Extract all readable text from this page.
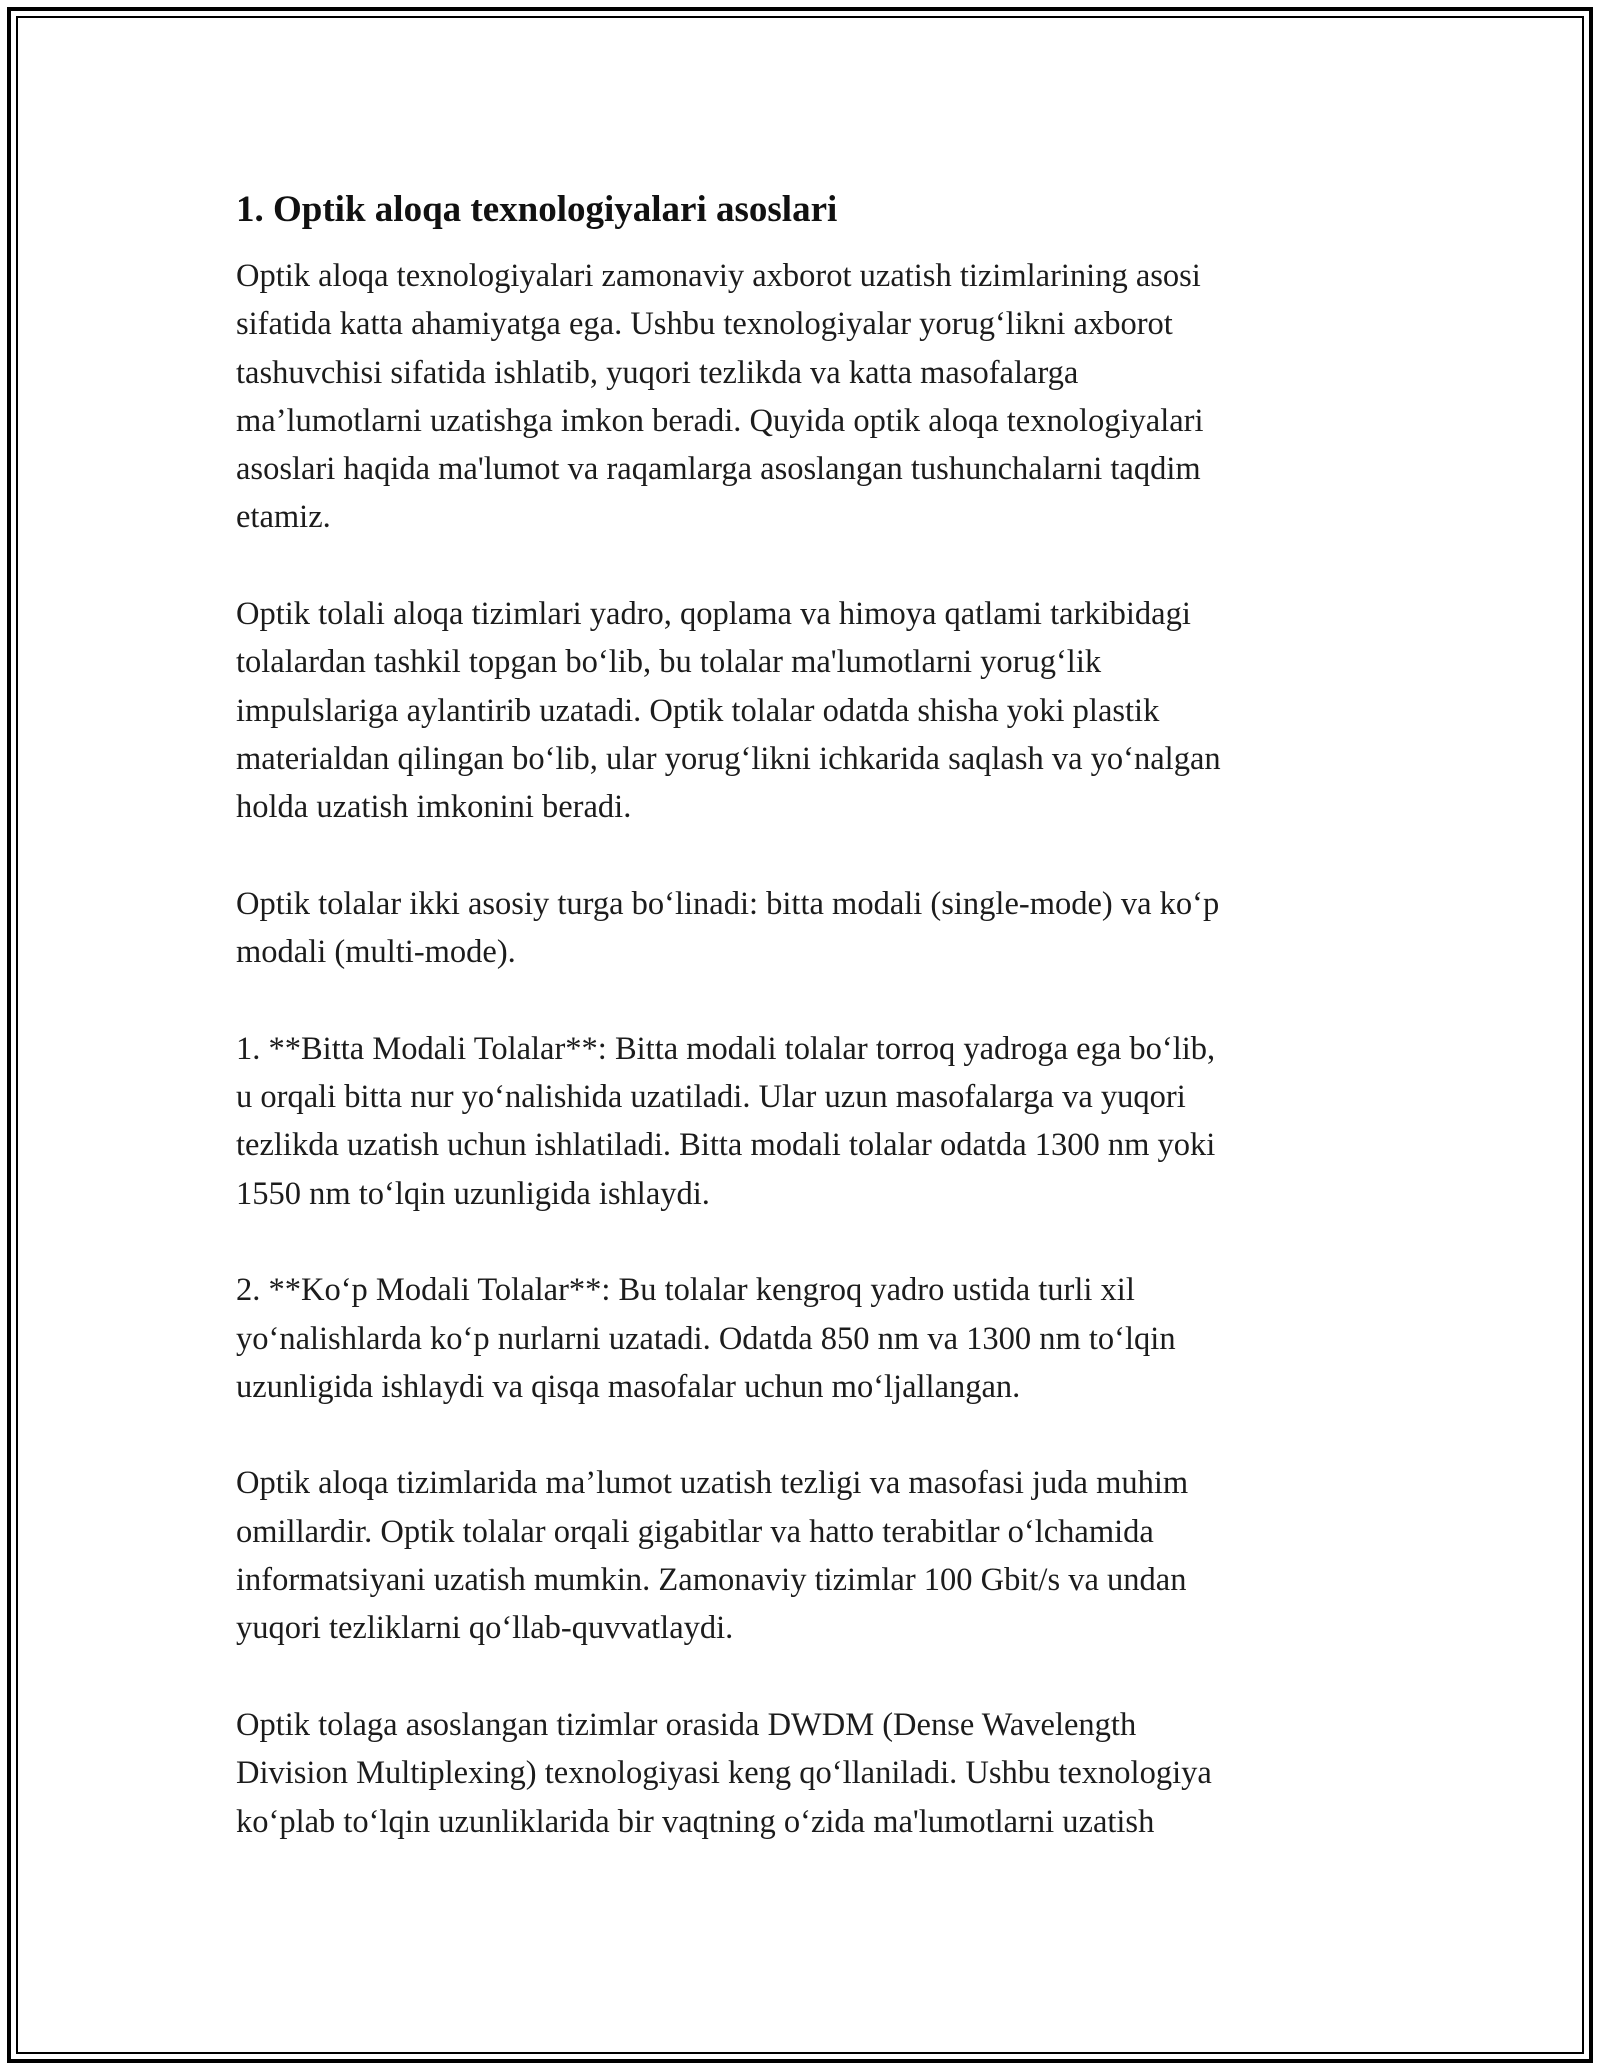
1. Optik aloqa texnologiyalari asoslari

Optik aloqa texnologiyalari zamonaviy axborot uzatish tizimlarining asosi
sifatida katta ahamiyatga ega. Ushbu texnologiyalar yorug‘likni axborot
tashuvchisi sifatida ishlatib, yuqori tezlikda va katta masofalarga
ma’lumotlarni uzatishga imkon beradi. Quyida optik aloqa texnologiyalari
asoslari haqida ma'lumot va raqamlarga asoslangan tushunchalarni taqdim
etamiz.

Optik tolali aloqa tizimlari yadro, qoplama va himoya qatlami tarkibidagi
tolalardan tashkil topgan bo‘lib, bu tolalar ma'lumotlarni yorug‘lik
impulslariga aylantirib uzatadi. Optik tolalar odatda shisha yoki plastik
materialdan qilingan bo‘lib, ular yorug‘likni ichkarida saqlash va yo‘nalgan
holda uzatish imkonini beradi.

Optik tolalar ikki asosiy turga bo‘linadi: bitta modali (single-mode) va ko‘p
modali (multi-mode).

1. **Bitta Modali Tolalar**: Bitta modali tolalar torroq yadroga ega bo‘lib,
u orqali bitta nur yo‘nalishida uzatiladi. Ular uzun masofalarga va yuqori
tezlikda uzatish uchun ishlatiladi. Bitta modali tolalar odatda 1300 nm yoki
1550 nm to‘lqin uzunligida ishlaydi.

2. **Ko‘p Modali Tolalar**: Bu tolalar kengroq yadro ustida turli xil
yo‘nalishlarda ko‘p nurlarni uzatadi. Odatda 850 nm va 1300 nm to‘lqin
uzunligida ishlaydi va qisqa masofalar uchun mo‘ljallangan.

Optik aloqa tizimlarida ma’lumot uzatish tezligi va masofasi juda muhim
omillardir. Optik tolalar orqali gigabitlar va hatto terabitlar o‘lchamida
informatsiyani uzatish mumkin. Zamonaviy tizimlar 100 Gbit/s va undan
yuqori tezliklarni qo‘llab-quvvatlaydi.

Optik tolaga asoslangan tizimlar orasida DWDM (Dense Wavelength
Division Multiplexing) texnologiyasi keng qo‘llaniladi. Ushbu texnologiya
ko‘plab to‘lqin uzunliklarida bir vaqtning o‘zida ma'lumotlarni uzatish
